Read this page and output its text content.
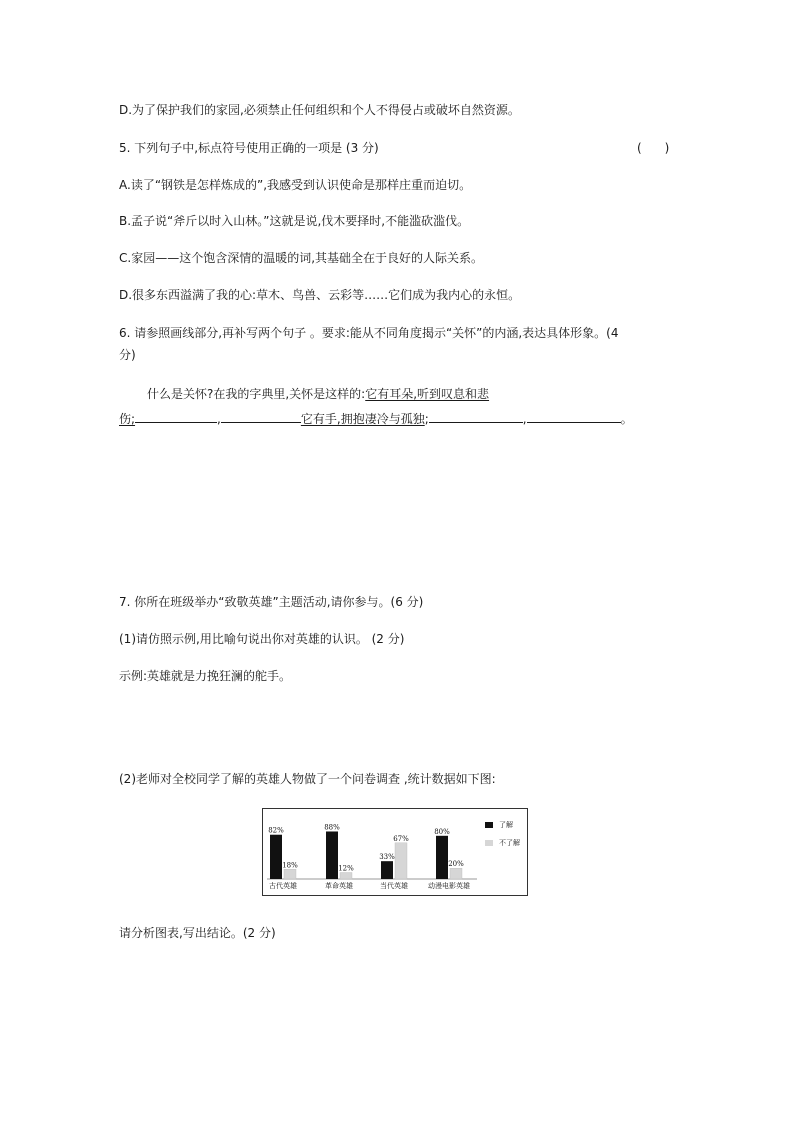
D.为了保护我们的家园,必须禁止任何组织和个人不得侵占或破坏自然资源。

5. 下列句子中,标点符号使用正确的一项是 (3 分)	(      )

A.读了“钢铁是怎样炼成的”,我感受到认识使命是那样庄重而迫切。

B.孟子说“斧斤以时入山林。”这就是说,伐木要择时,不能滥砍滥伐。

C.家园——这个饱含深情的温暖的词,其基础全在于良好的人际关系。

D.很多东西溢满了我的心:草木、鸟兽、云彩等……它们成为我内心的永恒。

6. 请参照画线部分,再补写两个句子 。要求:能从不同角度揭示“关怀”的内涵,表达具体形象。(4

分)

什么是关怀?在我的字典里,关怀是这样的:它有耳朵,听到叹息和悲

伤;	,	它有手,拥抱凄冷与孤独;	,	。

7. 你所在班级举办“致敬英雄”主题活动,请你参与。(6 分)

(1)请仿照示例,用比喻句说出你对英雄的认识。 (2 分)

示例:英雄就是力挽狂澜的舵手。

(2)老师对全校同学了解的英雄人物做了一个问卷调查 ,统计数据如下图:

82%
18%
古代英雄
88%
12%
革命英雄
33%
67%
当代英雄
80%
20%
动漫电影英雄
了解
不了解

请分析图表,写出结论。(2 分)
